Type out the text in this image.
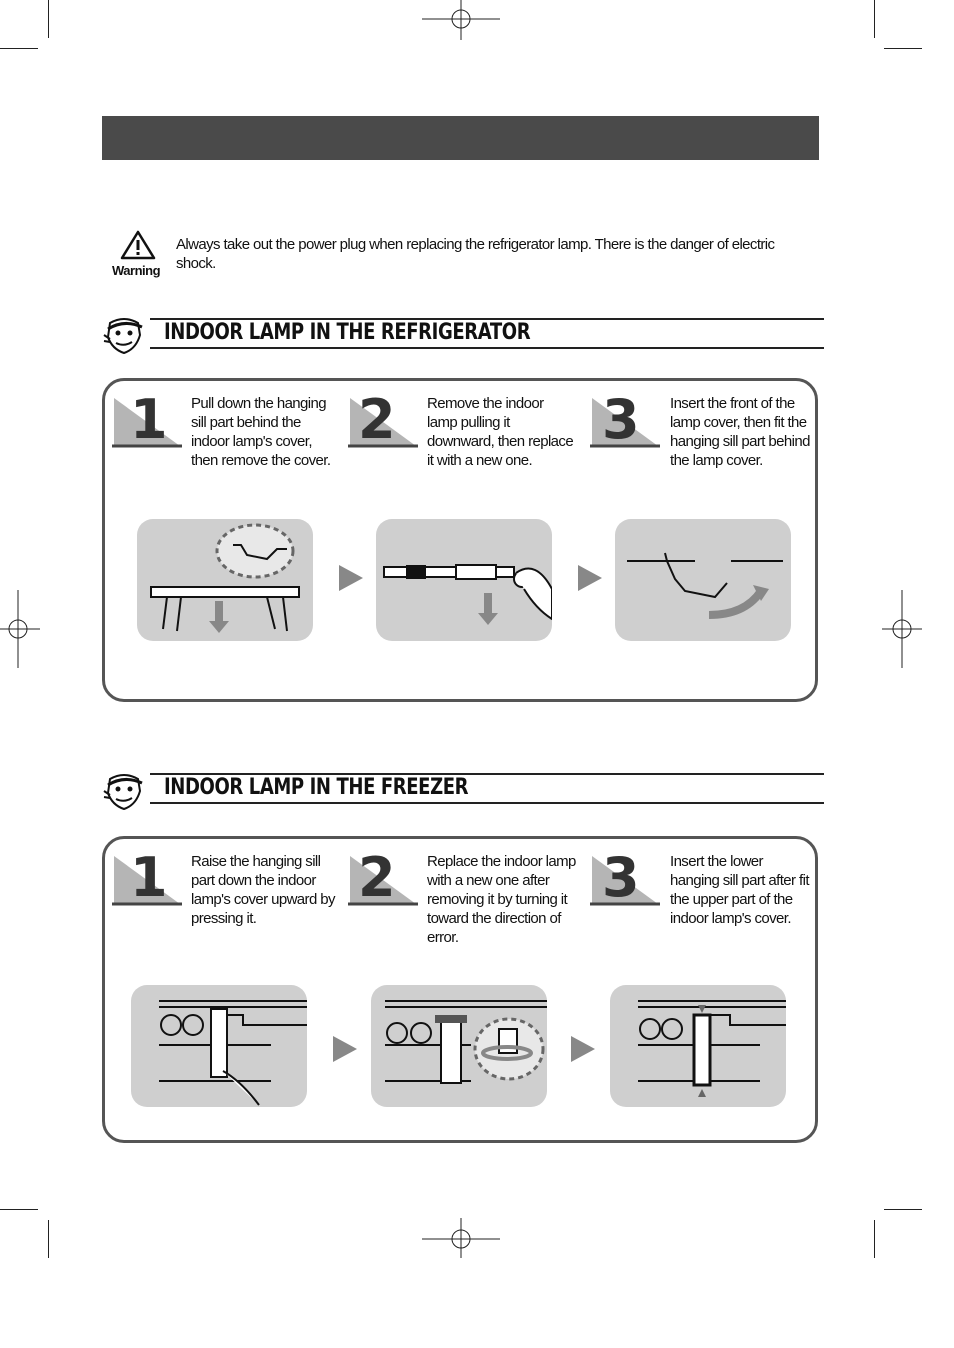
Warning
Always take out the power plug when replacing the refrigerator lamp. There is the danger of electric shock.
INDOOR LAMP IN THE REFRIGERATOR
1 Pull down the hanging sill part behind the indoor lamp's cover, then remove the cover.
2 Remove the indoor lamp pulling it downward, then replace it with a new one.
3 Insert the front of the lamp cover, then fit the hanging sill part behind the lamp cover.
INDOOR LAMP IN THE FREEZER
1 Raise the hanging sill part down the indoor lamp's cover upward by pressing it.
2 Replace the indoor lamp with a new one after removing it by turning it toward the direction of error.
3 Insert the lower hanging sill part after fit the upper part of the indoor lamp's cover.
